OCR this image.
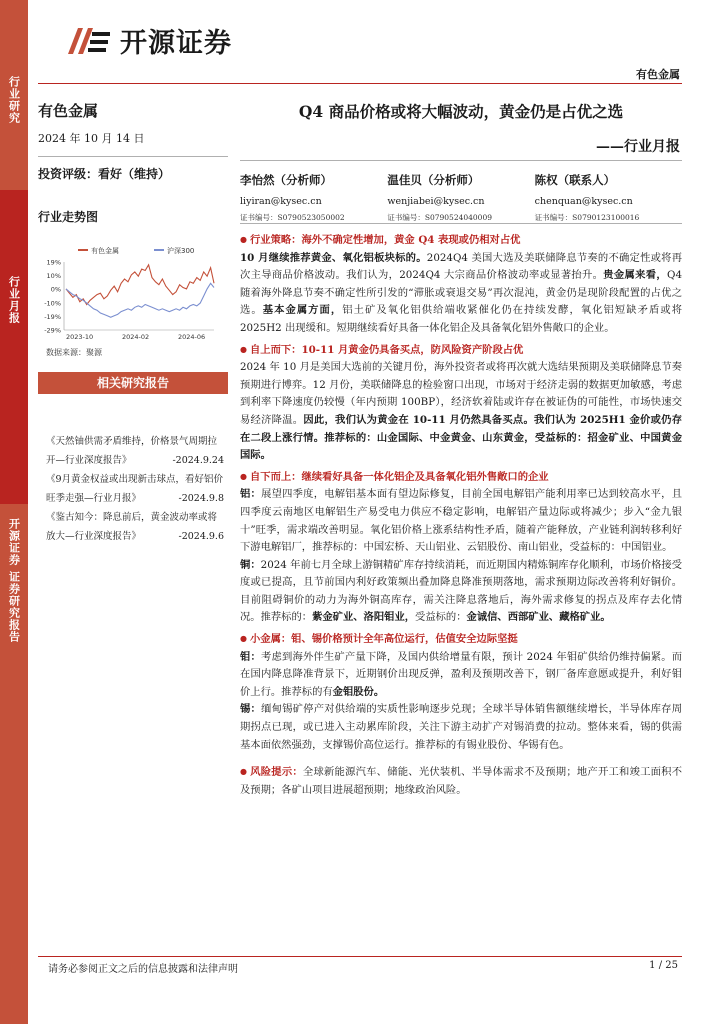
行业研究
行业月报
开源证券 证券研究报告
开源证券
有色金属
有色金属
2024 年 10 月 14 日
投资评级：看好（维持）
行业走势图
有色金属	沪深300
19%
10%
0%
-10%
-19%
-29%
2023-10	2024-02	2024-06
数据来源：聚源
相关研究报告

《天然铀供需矛盾维持，价格景气周期拉开—行业深度报告》	-2024.9.24

《9月黄金权益或出现新击球点，看好铝价旺季走强—行业月报》	-2024.9.8

《鉴古知今：降息前后，黄金波动率或将放大—行业深度报告》	-2024.9.6

Q4 商品价格或将大幅波动，黄金仍是占优之选
——行业月报
李怡然（分析师）
liyiran@kysec.cn
证书编号：S0790523050002
温佳贝（分析师）
wenjiabei@kysec.cn
证书编号：S0790524040009
陈权（联系人）
chenquan@kysec.cn
证书编号：S0790123100016
● 行业策略：海外不确定性增加，黄金 Q4 表现或仍相对占优

10 月继续推荐黄金、氧化铝板块标的。2024Q4 美国大选及美联储降息节奏的不确定性或将再次主导商品价格波动。我们认为，2024Q4 大宗商品价格波动率或显著抬升。贵金属来看，Q4 随着海外降息节奏不确定性所引发的“滞胀或衰退交易”再次混沌，黄金仍是现阶段配置的占优之选。基本金属方面，铝土矿及氧化铝供给端收紧催化仍在持续发酵，氧化铝短缺矛盾或将 2025H2 出现缓和。短期继续看好具备一体化铝企及具备氧化铝外售敞口的企业。

● 自上而下：10-11 月黄金仍具备买点，防风险资产阶段占优

2024 年 10 月是美国大选前的关键月份，海外投资者或将再次就大选结果预期及美联储降息节奏预期进行博弈。12 月份，美联储降息的检验窗口出现，市场对于经济走弱的数据更加敏感，考虑到利率下降速度仍较慢（年内预期 100BP），经济软着陆或许存在被证伪的可能性，市场快速交易经济降温。因此，我们认为黄金在 10-11 月仍然具备买点。我们认为 2025H1 金价或仍存在二段上涨行情。推荐标的：山金国际、中金黄金、山东黄金，受益标的：招金矿业、中国黄金国际。

● 自下而上：继续看好具备一体化铝企及具备氧化铝外售敞口的企业

铝：展望四季度，电解铝基本面有望边际修复，目前全国电解铝产能利用率已达到较高水平，且四季度云南地区电解铝生产易受电力供应不稳定影响，电解铝产量边际或将减少；步入“金九银十”旺季，需求端改善明显。氧化铝价格上涨系结构性矛盾，随着产能释放，产业链利润转移利好下游电解铝厂，推荐标的：中国宏桥、天山铝业、云铝股份、南山铝业，受益标的：中国铝业。

铜：2024 年前七月全球上游铜精矿库存持续消耗，而近期国内精炼铜库存化顺利，市场价格接受度或已提高，且节前国内利好政策频出叠加降息降准预期落地，需求预期边际改善将利好铜价。目前阻碍铜价的动力为海外铜高库存，需关注降息落地后，海外需求修复的拐点及库存去化情况。推荐标的：紫金矿业、洛阳钼业，受益标的：金诚信、西部矿业、藏格矿业。

● 小金属：钼、锡价格预计全年高位运行，估值安全边际坚挺

钼：考虑到海外伴生矿产量下降，及国内供给增量有限，预计 2024 年钼矿供给仍维持偏紧。而在国内降息降准背景下，近期钢价出现反弹，盈利及预期改善下，钢厂备库意愿或提升，利好钼价上行。推荐标的有金钼股份。

锡：缅甸锡矿停产对供给端的实质性影响逐步兑现；全球半导体销售额继续增长，半导体库存周期拐点已现，或已进入主动累库阶段，关注下游主动扩产对锡消费的拉动。整体来看，锡的供需基本面依然强劲，支撑锡价高位运行。推荐标的有锡业股份、华锡有色。

● 风险提示：全球新能源汽车、储能、光伏装机、半导体需求不及预期；地产开工和竣工面积不及预期；各矿山项目进展超预期；地缘政治风险。

请务必参阅正文之后的信息披露和法律声明	1 / 25
